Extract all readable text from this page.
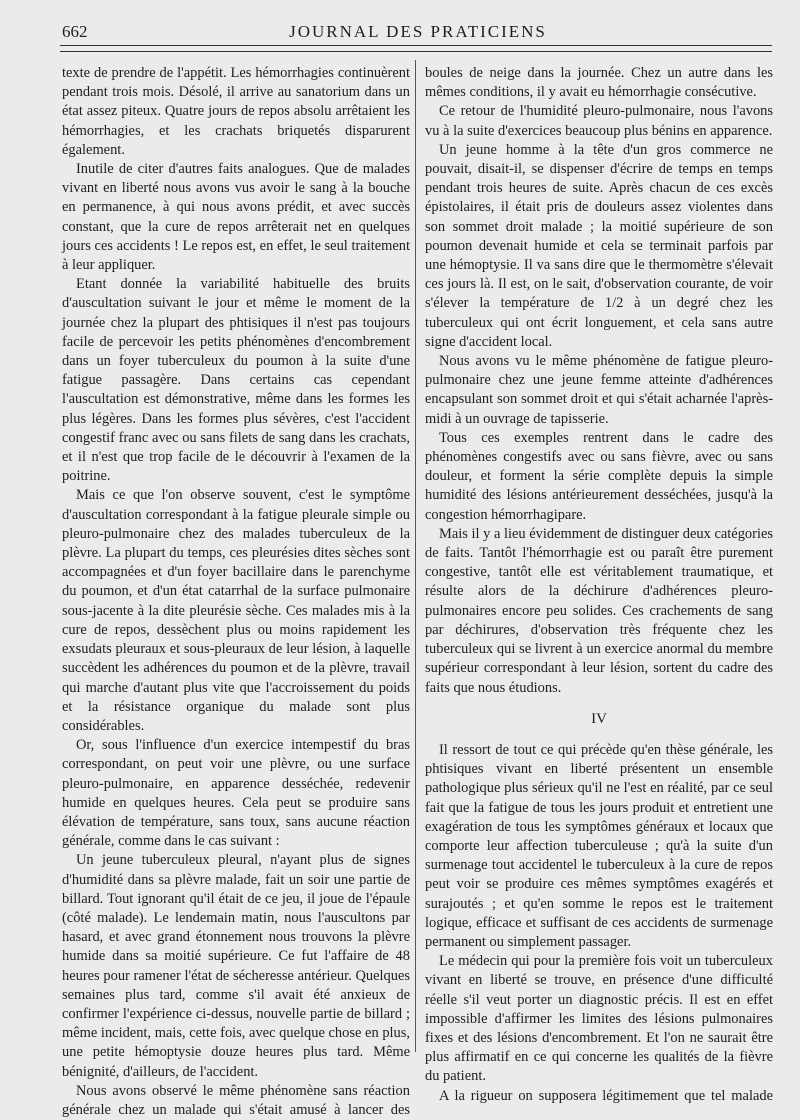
662	JOURNAL DES PRATICIENS

texte de prendre de l'appétit. Les hémorrhagies continuèrent pendant trois mois. Désolé, il arrive au sanatorium dans un état assez piteux. Quatre jours de repos absolu arrêtaient les hémorrhagies, et les crachats briquetés disparurent également.

Inutile de citer d'autres faits analogues. Que de malades vivant en liberté nous avons vus avoir le sang à la bouche en permanence, à qui nous avons prédit, et avec succès constant, que la cure de repos arrêterait net en quelques jours ces accidents ! Le repos est, en effet, le seul traitement à leur appliquer.

Etant donnée la variabilité habituelle des bruits d'auscultation suivant le jour et même le moment de la journée chez la plupart des phtisiques il n'est pas toujours facile de percevoir les petits phénomènes d'encombrement dans un foyer tuberculeux du poumon à la suite d'une fatigue passagère. Dans certains cas cependant l'auscultation est démonstrative, même dans les formes les plus légères. Dans les formes plus sévères, c'est l'accident congestif franc avec ou sans filets de sang dans les crachats, et il n'est que trop facile de le découvrir à l'examen de la poitrine.

Mais ce que l'on observe souvent, c'est le symptôme d'auscultation correspondant à la fatigue pleurale simple ou pleuro-pulmonaire chez des malades tuberculeux de la plèvre. La plupart du temps, ces pleurésies dites sèches sont accompagnées et d'un foyer bacillaire dans le parenchyme du poumon, et d'un état catarrhal de la surface pulmonaire sous-jacente à la dite pleurésie sèche. Ces malades mis à la cure de repos, dessèchent plus ou moins rapidement les exsudats pleuraux et sous-pleuraux de leur lésion, à laquelle succèdent les adhérences du poumon et de la plèvre, travail qui marche d'autant plus vite que l'accroissement du poids et la résistance organique du malade sont plus considérables.

Or, sous l'influence d'un exercice intempestif du bras correspondant, on peut voir une plèvre, ou une surface pleuro-pulmonaire, en apparence desséchée, redevenir humide en quelques heures. Cela peut se produire sans élévation de température, sans toux, sans aucune réaction générale, comme dans le cas suivant :

Un jeune tuberculeux pleural, n'ayant plus de signes d'humidité dans sa plèvre malade, fait un soir une partie de billard. Tout ignorant qu'il était de ce jeu, il joue de l'épaule (côté malade). Le lendemain matin, nous l'auscultons par hasard, et avec grand étonnement nous trouvons la plèvre humide dans sa moitié supérieure. Ce fut l'affaire de 48 heures pour ramener l'état de sécheresse antérieur. Quelques semaines plus tard, comme s'il avait été anxieux de confirmer l'expérience ci-dessus, nouvelle partie de billard ; même incident, mais, cette fois, avec quelque chose en plus, une petite hémoptysie douze heures plus tard. Même bénignité, d'ailleurs, de l'accident.

Nous avons observé le même phénomène sans réaction générale chez un malade qui s'était amusé à lancer des

boules de neige dans la journée. Chez un autre dans les mêmes conditions, il y avait eu hémorrhagie consécutive.

Ce retour de l'humidité pleuro-pulmonaire, nous l'avons vu à la suite d'exercices beaucoup plus bénins en apparence.

Un jeune homme à la tête d'un gros commerce ne pouvait, disait-il, se dispenser d'écrire de temps en temps pendant trois heures de suite. Après chacun de ces excès épistolaires, il était pris de douleurs assez violentes dans son sommet droit malade ; la moitié supérieure de son poumon devenait humide et cela se terminait parfois par une hémoptysie. Il va sans dire que le thermomètre s'élevait ces jours là. Il est, on le sait, d'observation courante, de voir s'élever la température de 1/2 à un degré chez les tuberculeux qui ont écrit longuement, et cela sans autre signe d'accident local.

Nous avons vu le même phénomène de fatigue pleuro-pulmonaire chez une jeune femme atteinte d'adhérences encapsulant son sommet droit et qui s'était acharnée l'après-midi à un ouvrage de tapisserie.

Tous ces exemples rentrent dans le cadre des phénomènes congestifs avec ou sans fièvre, avec ou sans douleur, et forment la série complète depuis la simple humidité des lésions antérieurement desséchées, jusqu'à la congestion hémorrhagipare.

Mais il y a lieu évidemment de distinguer deux catégories de faits. Tantôt l'hémorrhagie est ou paraît être purement congestive, tantôt elle est véritablement traumatique, et résulte alors de la déchirure d'adhérences pleuro-pulmonaires encore peu solides. Ces crachements de sang par déchirures, d'observation très fréquente chez les tuberculeux qui se livrent à un exercice anormal du membre supérieur correspondant à leur lésion, sortent du cadre des faits que nous étudions.

IV

Il ressort de tout ce qui précède qu'en thèse générale, les phtisiques vivant en liberté présentent un ensemble pathologique plus sérieux qu'il ne l'est en réalité, par ce seul fait que la fatigue de tous les jours produit et entretient une exagération de tous les symptômes généraux et locaux que comporte leur affection tuberculeuse ; qu'à la suite d'un surmenage tout accidentel le tuberculeux à la cure de repos peut voir se produire ces mêmes symptômes exagérés et surajoutés ; et qu'en somme le repos est le traitement logique, efficace et suffisant de ces accidents de surmenage permanent ou simplement passager.

Le médecin qui pour la première fois voit un tuberculeux vivant en liberté se trouve, en présence d'une difficulté réelle s'il veut porter un diagnostic précis. Il est en effet impossible d'affirmer les limites des lésions pulmonaires fixes et des lésions d'encombrement. Et l'on ne saurait être plus affirmatif en ce qui concerne les qualités de la fièvre du patient.

A la rigueur on supposera légitimement que tel malade
